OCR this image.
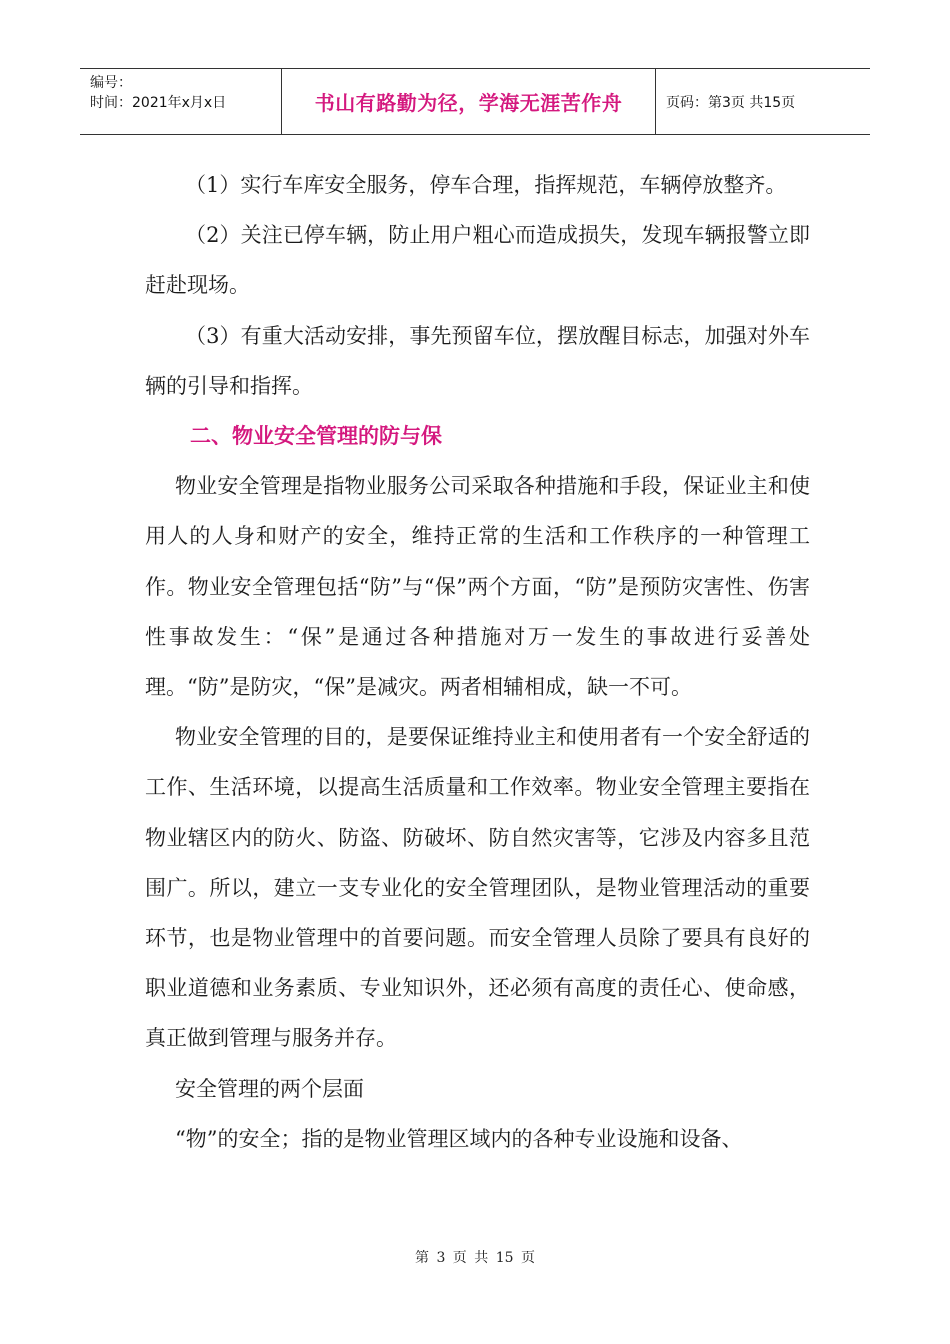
编号：
时间：2021年x月x日	书山有路勤为径，学海无涯苦作舟	页码：第3页 共15页

（1）实行车库安全服务，停车合理，指挥规范，车辆停放整齐。

（2）关注已停车辆，防止用户粗心而造成损失，发现车辆报警立即赶赴现场。

（3）有重大活动安排，事先预留车位，摆放醒目标志，加强对外车辆的引导和指挥。

二、物业安全管理的防与保

物业安全管理是指物业服务公司采取各种措施和手段，保证业主和使用人的人身和财产的安全，维持正常的生活和工作秩序的一种管理工作。物业安全管理包括“防”与“保”两个方面，“防”是预防灾害性、伤害性事故发生：“保”是通过各种措施对万一发生的事故进行妥善处理。“防”是防灾，“保”是减灾。两者相辅相成，缺一不可。

物业安全管理的目的，是要保证维持业主和使用者有一个安全舒适的工作、生活环境，以提高生活质量和工作效率。物业安全管理主要指在物业辖区内的防火、防盗、防破坏、防自然灾害等，它涉及内容多且范围广。所以，建立一支专业化的安全管理团队，是物业管理活动的重要环节，也是物业管理中的首要问题。而安全管理人员除了要具有良好的职业道德和业务素质、专业知识外，还必须有高度的责任心、使命感，真正做到管理与服务并存。

安全管理的两个层面

“物”的安全；指的是物业管理区域内的各种专业设施和设备、

第 3 页 共 15 页
